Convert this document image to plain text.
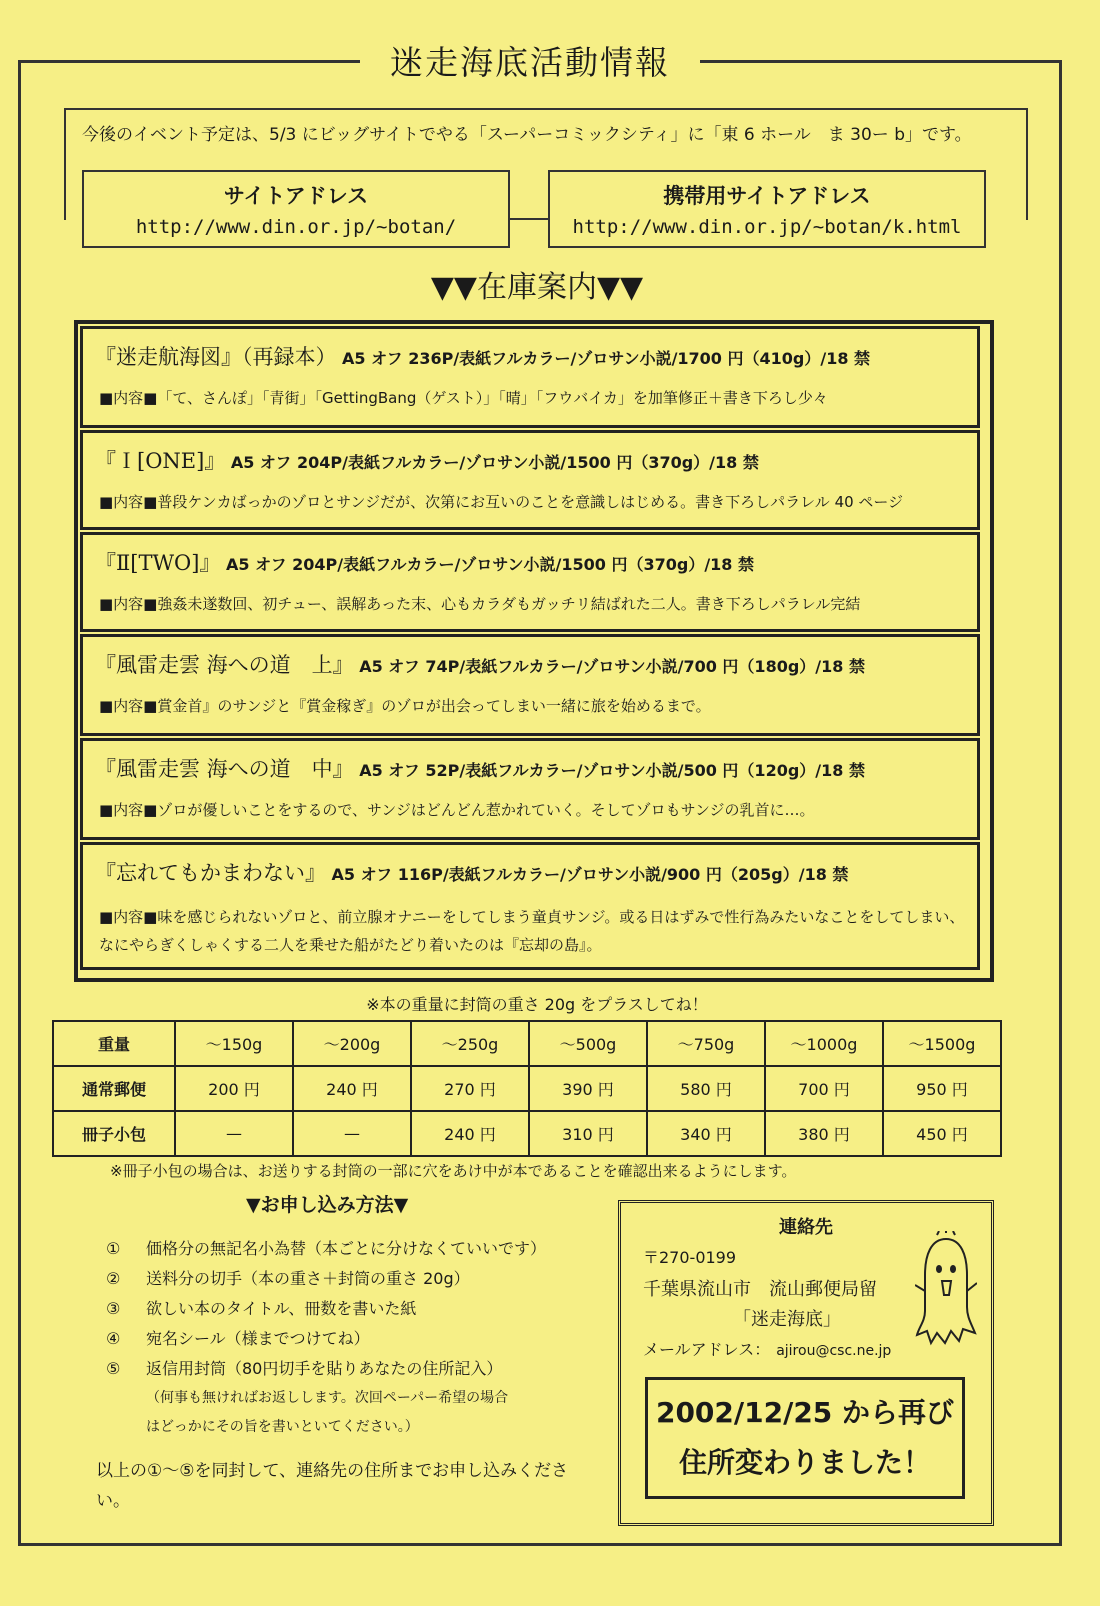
迷走海底活動情報
今後のイベント予定は、5/3 にビッグサイトでやる「スーパーコミックシティ」に「東 6 ホール　ま 30ー b」です。
サイトアドレス
http://www.din.or.jp/~botan/
携帯用サイトアドレス
http://www.din.or.jp/~botan/k.html
▼▼在庫案内▼▼
『迷走航海図』（再録本）　 A5 オフ 236P/表紙フルカラー/ゾロサン小説/1700 円（410g）/18 禁
■内容■「て、さんぽ」「青街」「GettingBang（ゲスト）」「晴」「フウバイカ」を加筆修正＋書き下ろし少々
『Ｉ[ONE]』　 A5 オフ 204P/表紙フルカラー/ゾロサン小説/1500 円（370g）/18 禁
■内容■普段ケンカばっかのゾロとサンジだが、次第にお互いのことを意識しはじめる。書き下ろしパラレル 40 ページ
『Ⅱ[TWO]』　 A5 オフ 204P/表紙フルカラー/ゾロサン小説/1500 円（370g）/18 禁
■内容■強姦未遂数回、初チュー、誤解あった末、心もカラダもガッチリ結ばれた二人。書き下ろしパラレル完結
『風雷走雲 海への道　上』　 A5 オフ 74P/表紙フルカラー/ゾロサン小説/700 円（180g）/18 禁
■内容■賞金首』のサンジと『賞金稼ぎ』のゾロが出会ってしまい一緒に旅を始めるまで。
『風雷走雲 海への道　中』　 A5 オフ 52P/表紙フルカラー/ゾロサン小説/500 円（120g）/18 禁
■内容■ゾロが優しいことをするので、サンジはどんどん惹かれていく。そしてゾロもサンジの乳首に…。
『忘れてもかまわない』　 A5 オフ 116P/表紙フルカラー/ゾロサン小説/900 円（205g）/18 禁
■内容■味を感じられないゾロと、前立腺オナニーをしてしまう童貞サンジ。或る日はずみで性行為みたいなことをしてしまい、なにやらぎくしゃくする二人を乗せた船がたどり着いたのは『忘却の島』。
※本の重量に封筒の重さ 20g をプラスしてね！
重量	～150g	～200g	～250g	～500g	～750g	～1000g	～1500g
通常郵便	200 円	240 円	270 円	390 円	580 円	700 円	950 円
冊子小包	—	—	240 円	310 円	340 円	380 円	450 円
※冊子小包の場合は、お送りする封筒の一部に穴をあけ中が本であることを確認出来るようにします。
▼お申し込み方法▼
①	価格分の無記名小為替（本ごとに分けなくていいです）
②	送料分の切手（本の重さ＋封筒の重さ 20g）
③	欲しい本のタイトル、冊数を書いた紙
④	宛名シール（様までつけてね）
⑤	返信用封筒（80円切手を貼りあなたの住所記入）
（何事も無ければお返しします。次回ペーパー希望の場合
はどっかにその旨を書いといてください。）
以上の①～⑤を同封して、連絡先の住所までお申し込みください。
連絡先
〒270-0199
千葉県流山市　流山郵便局留
「迷走海底」
メールアドレス： ajirou@csc.ne.jp
2002/12/25 から再び
住所変わりました！
